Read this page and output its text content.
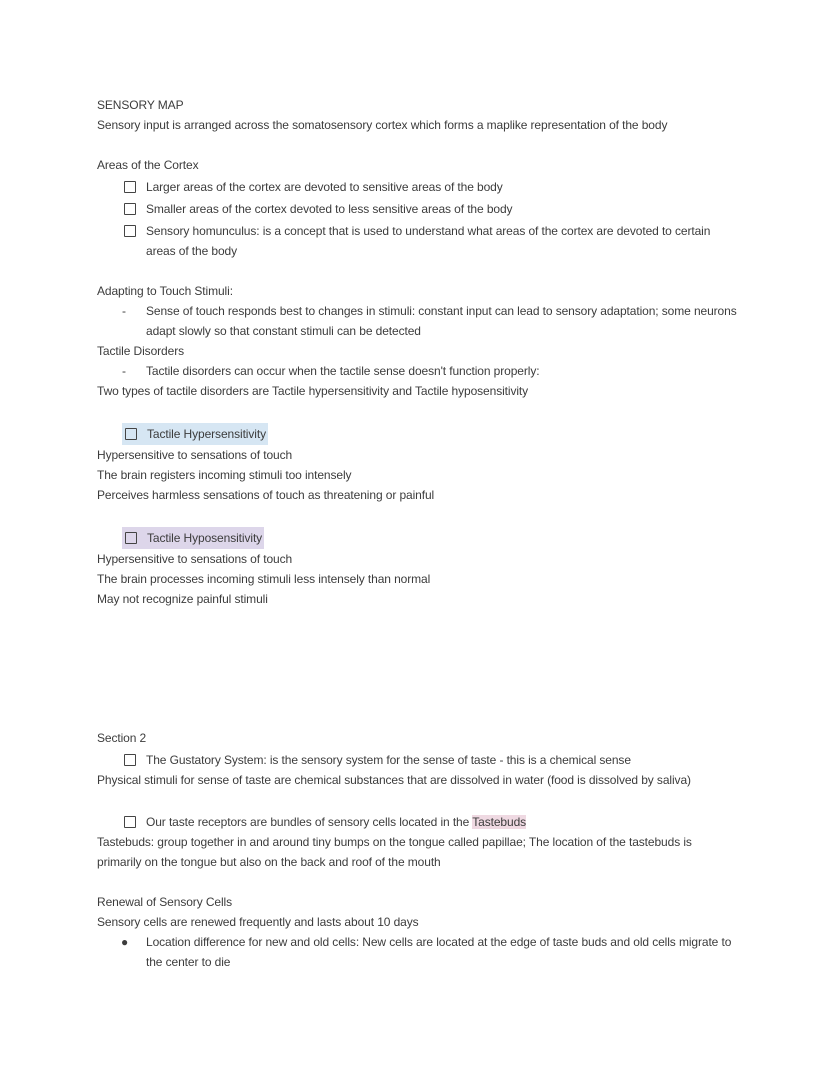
SENSORY MAP
Sensory input is arranged across the somatosensory cortex which forms a maplike representation of the body
Areas of the Cortex
Larger areas of the cortex are devoted to sensitive areas of the body
Smaller areas of the cortex devoted to less sensitive areas of the body
Sensory homunculus: is a concept that is used to understand what areas of the cortex are devoted to certain areas of the body
Adapting to Touch Stimuli:
- Sense of touch responds best to changes in stimuli: constant input can lead to sensory adaptation; some neurons adapt slowly so that constant stimuli can be detected
Tactile Disorders
- Tactile disorders can occur when the tactile sense doesn't function properly:
Two types of tactile disorders are Tactile hypersensitivity and Tactile hyposensitivity
Tactile Hypersensitivity
Hypersensitive to sensations of touch
The brain registers incoming stimuli too intensely
Perceives harmless sensations of touch as threatening or painful
Tactile Hyposensitivity
Hypersensitive to sensations of touch
The brain processes incoming stimuli less intensely than normal
May not recognize painful stimuli
Section 2
The Gustatory System: is the sensory system for the sense of taste - this is a chemical sense
Physical stimuli for sense of taste are chemical substances that are dissolved in water (food is dissolved by saliva)
Our taste receptors are bundles of sensory cells located in the Tastebuds
Tastebuds: group together in and around tiny bumps on the tongue called papillae; The location of the tastebuds is primarily on the tongue but also on the back and roof of the mouth
Renewal of Sensory Cells
Sensory cells are renewed frequently and lasts about 10 days
● Location difference for new and old cells: New cells are located at the edge of taste buds and old cells migrate to the center to die
